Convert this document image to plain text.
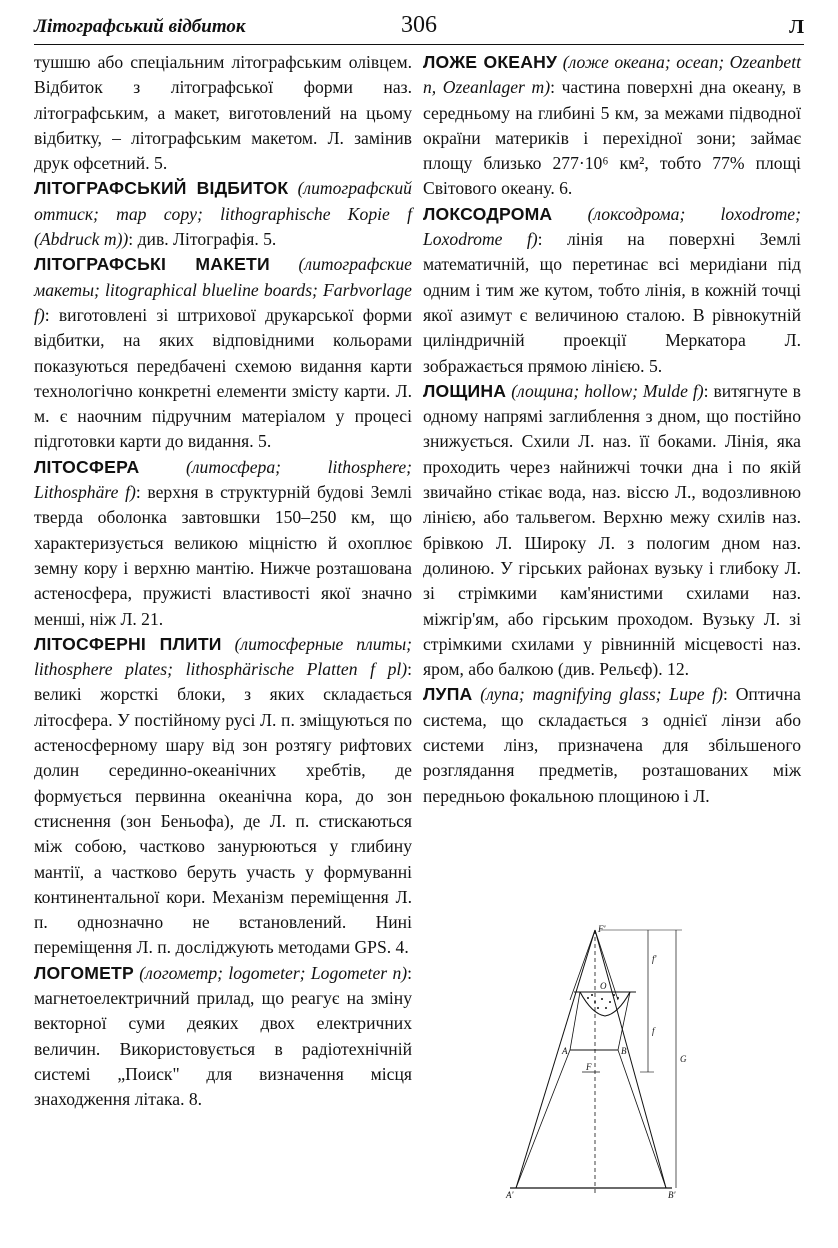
Літографський відбиток	306	Л

тушшю або спеціальним літографським олівцем. Відбиток з літографської форми наз. літографським, а макет, виготовлений на цьому відбитку, – літографським макетом. Л. замінив друк офсетний. 5.

ЛІТОГРАФСЬКИЙ ВІДБИТОК (литографский оттиск; map copy; lithographische Kopie f (Abdruck m)): див. Літографія. 5.

ЛІТОГРАФСЬКІ МАКЕТИ (литографские макеты; litographical blueline boards; Farbvorlage f): виготовлені зі штрихової друкарської форми відбитки, на яких відповідними кольорами показуються передбачені схемою видання карти технологічно конкретні елементи змісту карти. Л. м. є наочним підручним матеріалом у процесі підготовки карти до видання. 5.

ЛІТОСФЕРА	(литосфера; lithosphere; Lithosphäre f): верхня в структурній будові Землі тверда оболонка завтовшки 150–250 км, що характеризується великою міцністю й охоплює земну кору і верхню мантію. Нижче розташована астеносфера, пружисті властивості якої значно менші, ніж Л. 21.

ЛІТОСФЕРНІ ПЛИТИ (литосферные плиты; lithosphere plates; lithosphärische Platten f pl): великі жорсткі блоки, з яких складається літосфера. У постійному русі Л. п. зміщуються по астеносферному шару від зон розтягу рифтових долин серединно-океанічних хребтів, де формується первинна океанічна кора, до зон стиснення (зон Беньофа), де Л. п. стискаються між собою, частково занурюються у глибину мантії, а частково беруть участь у формуванні континентальної кори. Механізм переміщення Л. п. однозначно не встановлений. Нині переміщення Л. п. досліджують методами GPS. 4.

ЛОГОМЕТР (логометр; logometer; Logometer n): магнетоелектричний прилад, що реагує на зміну векторної суми деяких двох електричних величин. Використовується в радіотехнічній системі „Поиск" для визначення місця знаходження літака. 8.

ЛОЖЕ ОКЕАНУ (ложе океана; ocean; Ozeanbett n, Ozeanlager m): частина поверхні дна океану, в середньому на глибині 5 км, за межами підводної окраїни материків і перехідної зони; займає площу близько 277·10⁶ км², тобто 77% площі Світового океану. 6.

ЛОКСОДРОМА (локсодрома; loxodrome; Loxodrome f): лінія на поверхні Землі математичній, що перетинає всі меридіани під одним і тим же кутом, тобто лінія, в кожній точці якої азимут є величиною сталою. В рівнокутній циліндричній проекції Меркатора Л. зображається прямою лінією. 5.

ЛОЩИНА (лощина; hollow; Mulde f): витягнуте в одному напрямі заглиблення з дном, що постійно знижується. Схили Л. наз. її боками. Лінія, яка проходить через найнижчі точки дна і по якій звичайно стікає вода, наз. віссю Л., водозливною лінією, або тальвегом. Верхню межу схилів наз. брівкою Л. Широку Л. з пологим дном наз. долиною. У гірських районах вузьку і глибоку Л. зі стрімкими кам'янистими схилами наз. міжгір'ям, або гірським проходом. Вузьку Л. зі стрімкими схилами у рівнинній місцевості наз. яром, або балкою (див. Рельєф). 12.

ЛУПА (лупа; magnifying glass; Lupe f): Оптична система, що складається з однієї лінзи або системи лінз, призначена для збільшеного розглядання предметів, розташованих між передньою фокальною площиною і Л.

F'
O
A	B
F
A'	B'
f'
f
G
